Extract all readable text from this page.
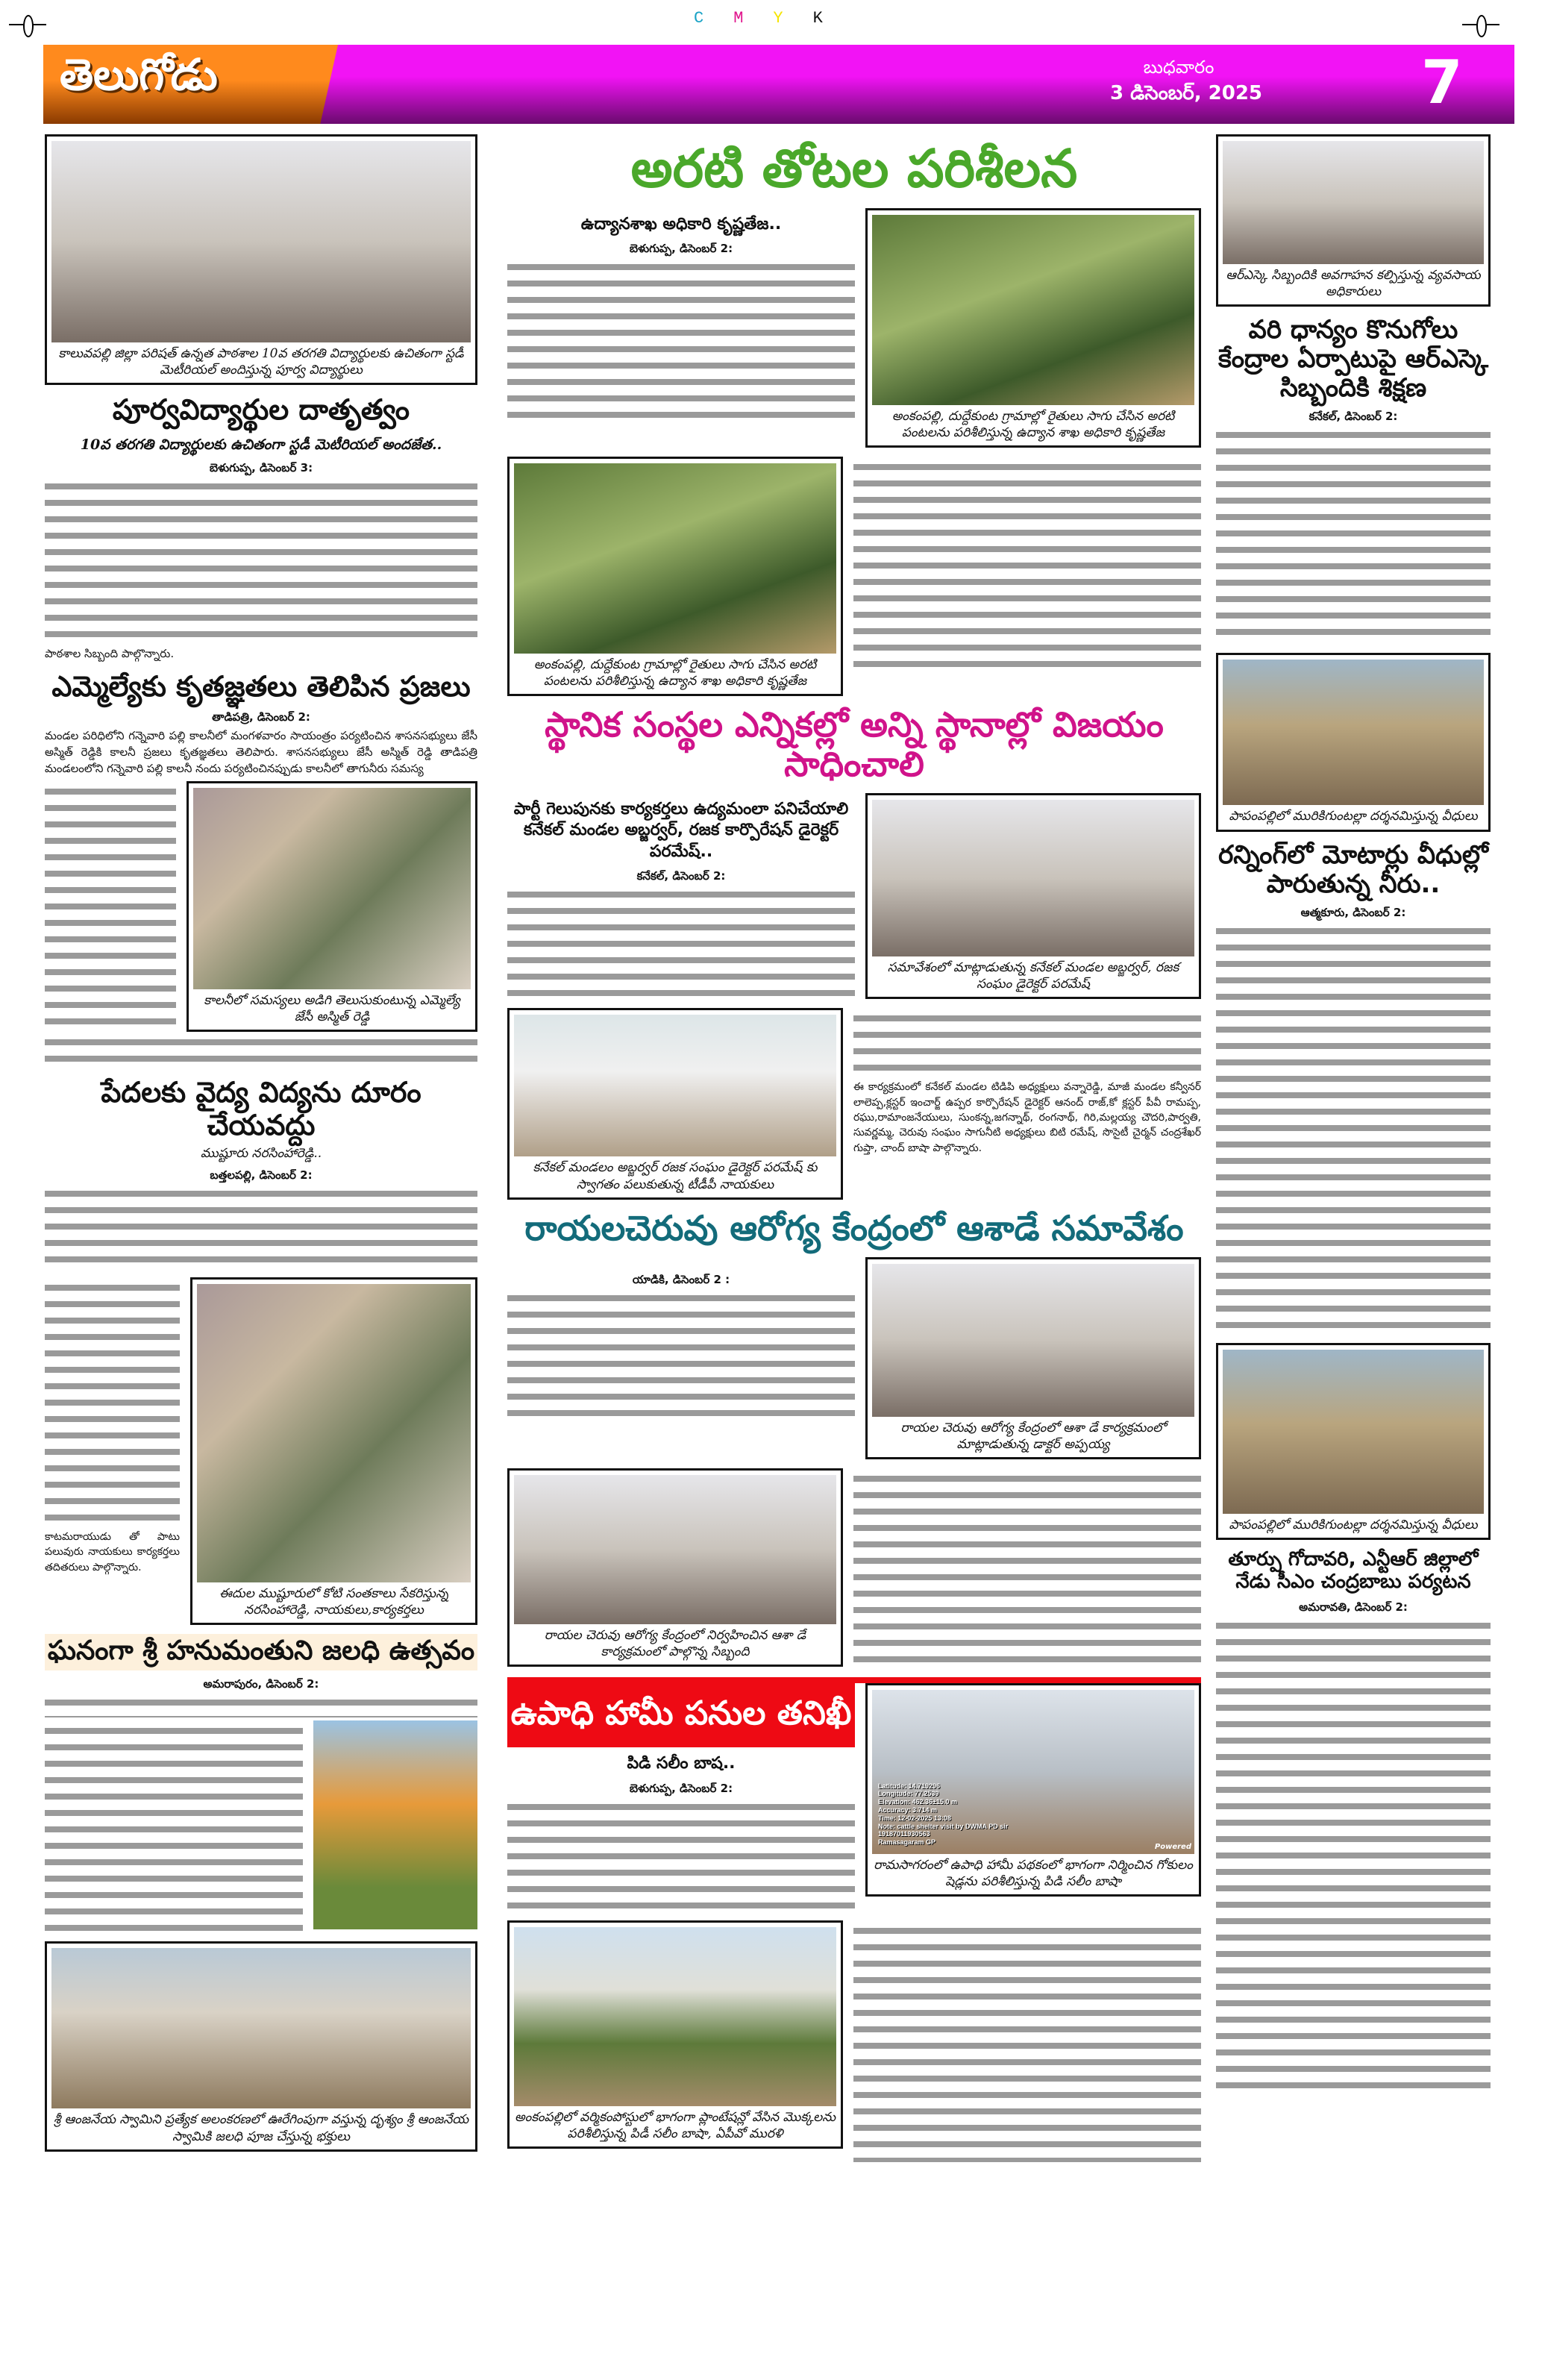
CMYK
తెలుగోడు	బుధవారం
3 డిసెంబర్, 2025	7
కాలువపల్లి జిల్లా పరిషత్ ఉన్నత పాఠశాల 10వ తరగతి విద్యార్థులకు ఉచితంగా స్టడీ మెటీరియల్ అందిస్తున్న పూర్వ విద్యార్థులు
పూర్వవిద్యార్థుల దాతృత్వం
10వ తరగతి విద్యార్థులకు ఉచితంగా స్టడీ మెటీరియల్ అందజేత..
బెళుగుప్ప, డిసెంబర్ 3:
పాఠశాల సిబ్బంది పాల్గొన్నారు.
ఎమ్మెల్యేకు కృతజ్ఞతలు తెలిపిన ప్రజలు
తాడిపత్రి, డిసెంబర్ 2:
మండల పరిధిలోని గన్నెవారి పల్లి కాలనీలో మంగళవారం సాయంత్రం పర్యటించిన శాసనసభ్యులు జేసీ అస్మిత్ రెడ్డికి కాలనీ ప్రజలు కృతజ్ఞతలు తెలిపారు. శాసనసభ్యులు జేసీ అస్మిత్ రెడ్డి తాడిపత్రి మండలంలోని గన్నెవారి పల్లి కాలనీ నందు పర్యటించినప్పుడు కాలనీలో తాగునీరు సమస్య
కాలనీలో సమస్యలు అడిగి తెలుసుకుంటున్న ఎమ్మెల్యే జేసీ అస్మిత్ రెడ్డి
పేదలకు వైద్య విద్యను దూరం చేయవద్దు
ముష్టూరు నరసింహారెడ్డి..
బత్తలపల్లి, డిసెంబర్ 2:
కాటమరాయుడు తో పాటు పలువురు నాయకులు కార్యకర్తలు తదితరులు పాల్గొన్నారు.
ఈదుల ముష్టూరులో కోటి సంతకాలు సేకరిస్తున్న నరసింహారెడ్డి, నాయకులు,కార్యకర్తలు
ఘనంగా శ్రీ హనుమంతుని జలధి ఉత్సవం
అమరాపురం, డిసెంబర్ 2:
శ్రీ ఆంజనేయ స్వామిని ప్రత్యేక అలంకరణలో ఊరేగింపుగా వస్తున్న దృశ్యం శ్రీ ఆంజనేయ స్వామికి జలధి పూజ చేస్తున్న భక్తులు
అరటి తోటల పరిశీలన
ఉద్యానశాఖ అధికారి కృష్ణతేజ..
బెళుగుప్ప, డిసెంబర్ 2:
అంకంపల్లి, దుద్దేకుంట గ్రామాల్లో రైతులు సాగు చేసిన అరటి పంటలను పరిశీలిస్తున్న ఉద్యాన శాఖ అధికారి కృష్ణతేజ
అంకంపల్లి, దుద్దేకుంట గ్రామాల్లో రైతులు సాగు చేసిన అరటి పంటలను పరిశీలిస్తున్న ఉద్యాన శాఖ అధికారి కృష్ణతేజ
స్థానిక సంస్థల ఎన్నికల్లో అన్ని స్థానాల్లో విజయం సాధించాలి
పార్టీ గెలుపునకు కార్యకర్తలు ఉద్యమంలా పనిచేయాలి కనేకల్ మండల అబ్జర్వర్, రజక కార్పొరేషన్ డైరెక్టర్ పరమేష్..
కనేకల్, డిసెంబర్ 2:
సమావేశంలో మాట్లాడుతున్న కనేకల్ మండల అబ్జర్వర్, రజక సంఘం డైరెక్టర్ పరమేష్
కనేకల్ మండలం అబ్జర్వర్ రజక సంఘం డైరెక్టర్ పరమేష్ కు స్వాగతం పలుకుతున్న టీడీపీ నాయకులు
ఈ కార్యక్రమంలో కనేకల్ మండల టిడిపి అధ్యక్షులు వన్నారెడ్డి, మాజీ మండల కన్వీనర్ లాలెప్ప,క్లస్టర్ ఇంచార్జ్ ఉప్పర కార్పొరేషన్ డైరెక్టర్ ఆనంద్ రాజ్,కో క్లస్టర్ పీవీ రామప్ప, రఘు,రామాంజనేయులు, సుంకన్న,జగన్నాథ్, రంగనాథ్, గిరి,మల్లయ్య చౌదరి,పార్వతి, సువర్ణమ్మ, చెరువు సంఘం సాగునీటి అధ్యక్షులు బిటి రమేష్, సొసైటీ చైర్మన్ చంద్రశేఖర్ గుప్తా, చాంద్ బాషా పాల్గొన్నారు.
రాయలచెరువు ఆరోగ్య కేంద్రంలో ఆశాడే సమావేశం
యాడికి, డిసెంబర్ 2 :
రాయల చెరువు ఆరోగ్య కేంద్రంలో ఆశా డే కార్యక్రమంలో మాట్లాడుతున్న డాక్టర్ అప్పయ్య
రాయల చెరువు ఆరోగ్య కేంద్రంలో నిర్వహించిన ఆశా డే కార్యక్రమంలో పాల్గొన్న సిబ్బంది
ఉపాధి హామీ పనుల తనిఖీ
పిడి సలీం బాష..
బెళుగుప్ప, డిసెంబర్ 2:	Latitude: 14.719296
Longitude: 77.2539
Elevation: 462.36±15.0 m
Accuracy: 3.714 m
Time: 12-02-2025 13:08
Note: cattle shelter visit by DWMA PD sir
19187011930563
Ramasagaram GP
Powered
రామసాగరంలో ఉపాధి హామీ పథకంలో భాగంగా నిర్మించిన గోకులం షెడ్లను పరిశీలిస్తున్న పిడి సలీం బాషా
అంకంపల్లిలో వర్మికంపోస్టులో భాగంగా ప్లాంటేషన్లో వేసిన మొక్కలను పరిశీలిస్తున్న పిడీ సలీం బాషా, ఏపీవో మురళి
ఆర్ఎస్కె సిబ్బందికి అవగాహన కల్పిస్తున్న వ్యవసాయ అధికారులు
వరి ధాన్యం కొనుగోలు కేంద్రాల ఏర్పాటుపై ఆర్ఎస్కె సిబ్బందికి శిక్షణ
కనేకల్, డిసెంబర్ 2:
పాపంపల్లిలో మురికిగుంటల్లా దర్శనమిస్తున్న వీధులు
రన్నింగ్‌లో మోటార్లు వీధుల్లో పారుతున్న నీరు..
ఆత్మకూరు, డిసెంబర్ 2:
పాపంపల్లిలో మురికిగుంటల్లా దర్శనమిస్తున్న వీధులు
తూర్పు గోదావరి, ఎన్టీఆర్ జిల్లాలో నేడు సీఎం చంద్రబాబు పర్యటన
అమరావతి, డిసెంబర్ 2:
